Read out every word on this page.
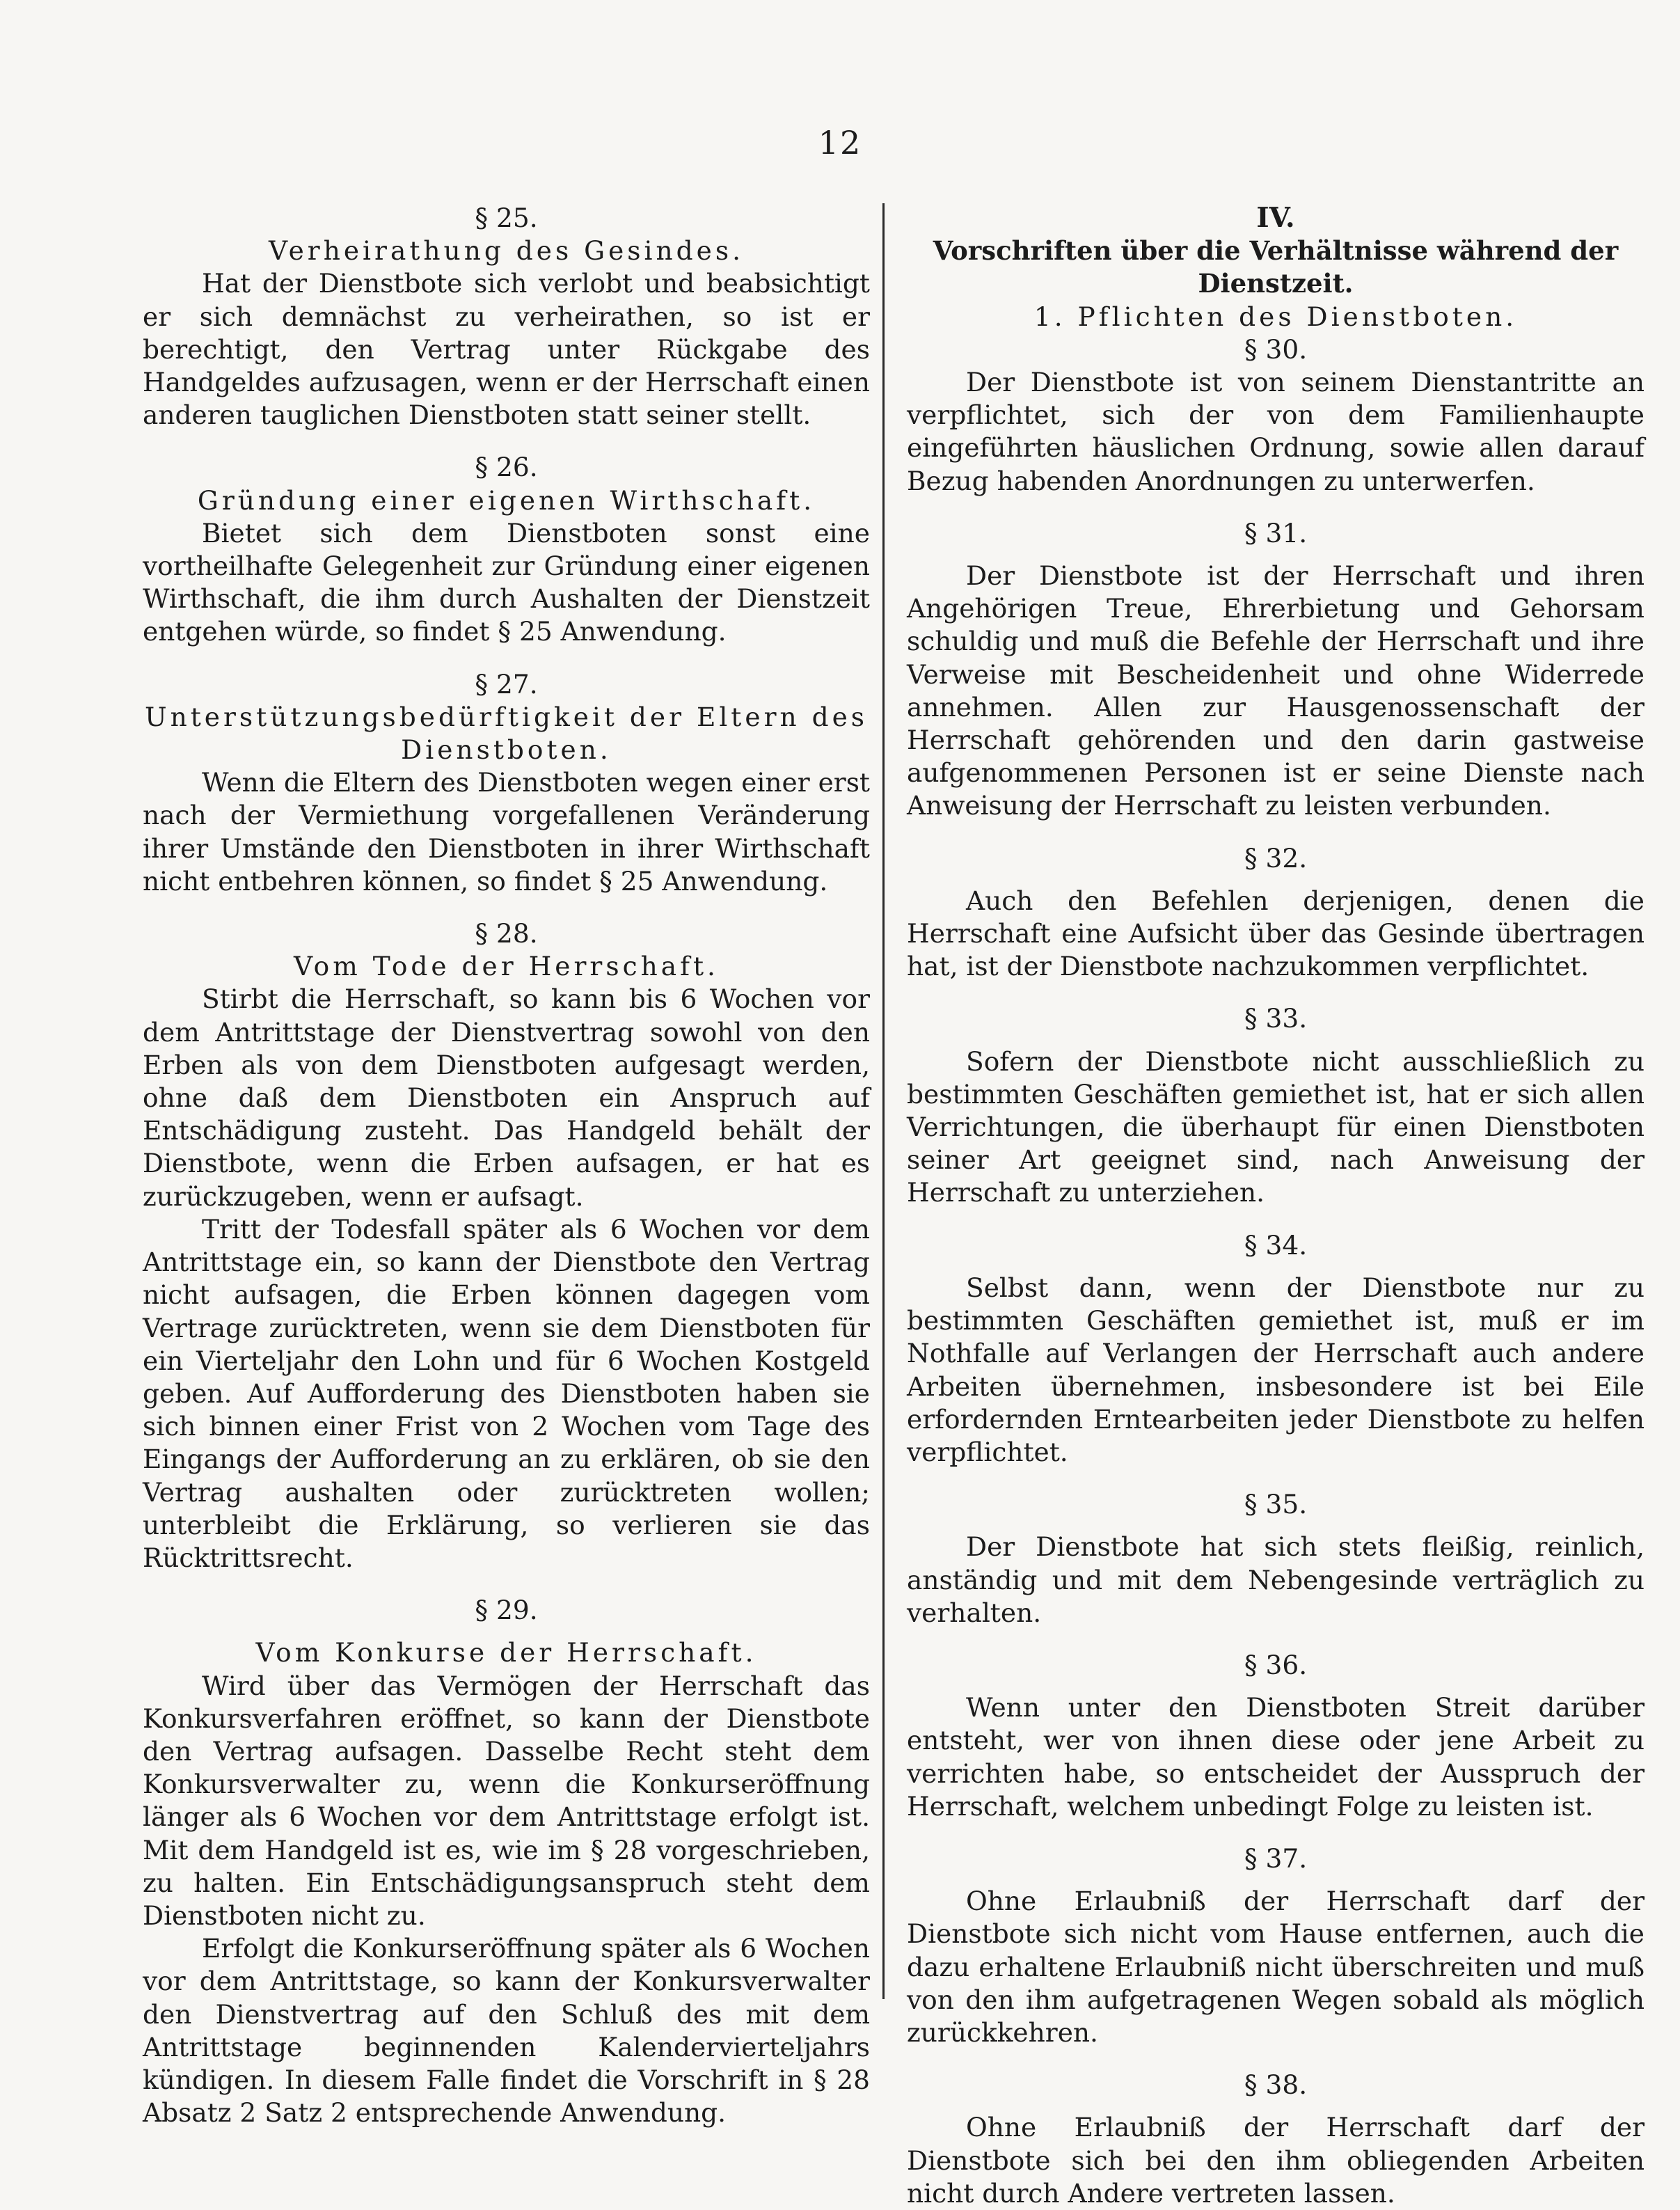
12

§ 25.

Verheirathung des Gesindes.

Hat der Dienstbote sich verlobt und beabsichtigt er sich demnächst zu verheirathen, so ist er berechtigt, den Vertrag unter Rückgabe des Handgeldes aufzusagen, wenn er der Herrschaft einen anderen tauglichen Dienstboten statt seiner stellt.

§ 26.

Gründung einer eigenen Wirthschaft.

Bietet sich dem Dienstboten sonst eine vortheilhafte Gelegenheit zur Gründung einer eigenen Wirthschaft, die ihm durch Aushalten der Dienstzeit entgehen würde, so findet § 25 Anwendung.

§ 27.

Unterstützungsbedürftigkeit der Eltern des Dienstboten.

Wenn die Eltern des Dienstboten wegen einer erst nach der Vermiethung vorgefallenen Veränderung ihrer Umstände den Dienstboten in ihrer Wirthschaft nicht entbehren können, so findet § 25 Anwendung.

§ 28.

Vom Tode der Herrschaft.

Stirbt die Herrschaft, so kann bis 6 Wochen vor dem Antrittstage der Dienstvertrag sowohl von den Erben als von dem Dienstboten aufgesagt werden, ohne daß dem Dienstboten ein Anspruch auf Entschädigung zusteht. Das Handgeld behält der Dienstbote, wenn die Erben aufsagen, er hat es zurückzugeben, wenn er aufsagt.

Tritt der Todesfall später als 6 Wochen vor dem Antrittstage ein, so kann der Dienstbote den Vertrag nicht aufsagen, die Erben können dagegen vom Vertrage zurücktreten, wenn sie dem Dienstboten für ein Vierteljahr den Lohn und für 6 Wochen Kostgeld geben. Auf Aufforderung des Dienstboten haben sie sich binnen einer Frist von 2 Wochen vom Tage des Eingangs der Aufforderung an zu erklären, ob sie den Vertrag aushalten oder zurücktreten wollen; unterbleibt die Erklärung, so verlieren sie das Rücktrittsrecht.

§ 29.

Vom Konkurse der Herrschaft.

Wird über das Vermögen der Herrschaft das Konkursverfahren eröffnet, so kann der Dienstbote den Vertrag aufsagen. Dasselbe Recht steht dem Konkursverwalter zu, wenn die Konkurseröffnung länger als 6 Wochen vor dem Antrittstage erfolgt ist. Mit dem Handgeld ist es, wie im § 28 vorgeschrieben, zu halten. Ein Entschädigungsanspruch steht dem Dienstboten nicht zu.

Erfolgt die Konkurseröffnung später als 6 Wochen vor dem Antrittstage, so kann der Konkursverwalter den Dienstvertrag auf den Schluß des mit dem Antrittstage beginnenden Kalendervierteljahrs kündigen. In diesem Falle findet die Vorschrift in § 28 Absatz 2 Satz 2 entsprechende Anwendung.

IV.

Vorschriften über die Verhältnisse während der Dienstzeit.

1. Pflichten des Dienstboten.

§ 30.

Der Dienstbote ist von seinem Dienstantritte an verpflichtet, sich der von dem Familienhaupte eingeführten häuslichen Ordnung, sowie allen darauf Bezug habenden Anordnungen zu unterwerfen.

§ 31.

Der Dienstbote ist der Herrschaft und ihren Angehörigen Treue, Ehrerbietung und Gehorsam schuldig und muß die Befehle der Herrschaft und ihre Verweise mit Bescheidenheit und ohne Widerrede annehmen. Allen zur Hausgenossenschaft der Herrschaft gehörenden und den darin gastweise aufgenommenen Personen ist er seine Dienste nach Anweisung der Herrschaft zu leisten verbunden.

§ 32.

Auch den Befehlen derjenigen, denen die Herrschaft eine Aufsicht über das Gesinde übertragen hat, ist der Dienstbote nachzukommen verpflichtet.

§ 33.

Sofern der Dienstbote nicht ausschließlich zu bestimmten Geschäften gemiethet ist, hat er sich allen Verrichtungen, die überhaupt für einen Dienstboten seiner Art geeignet sind, nach Anweisung der Herrschaft zu unterziehen.

§ 34.

Selbst dann, wenn der Dienstbote nur zu bestimmten Geschäften gemiethet ist, muß er im Nothfalle auf Verlangen der Herrschaft auch andere Arbeiten übernehmen, insbesondere ist bei Eile erfordernden Erntearbeiten jeder Dienstbote zu helfen verpflichtet.

§ 35.

Der Dienstbote hat sich stets fleißig, reinlich, anständig und mit dem Nebengesinde verträglich zu verhalten.

§ 36.

Wenn unter den Dienstboten Streit darüber entsteht, wer von ihnen diese oder jene Arbeit zu verrichten habe, so entscheidet der Ausspruch der Herrschaft, welchem unbedingt Folge zu leisten ist.

§ 37.

Ohne Erlaubniß der Herrschaft darf der Dienstbote sich nicht vom Hause entfernen, auch die dazu erhaltene Erlaubniß nicht überschreiten und muß von den ihm aufgetragenen Wegen sobald als möglich zurückkehren.

§ 38.

Ohne Erlaubniß der Herrschaft darf der Dienstbote sich bei den ihm obliegenden Arbeiten nicht durch Andere vertreten lassen.
